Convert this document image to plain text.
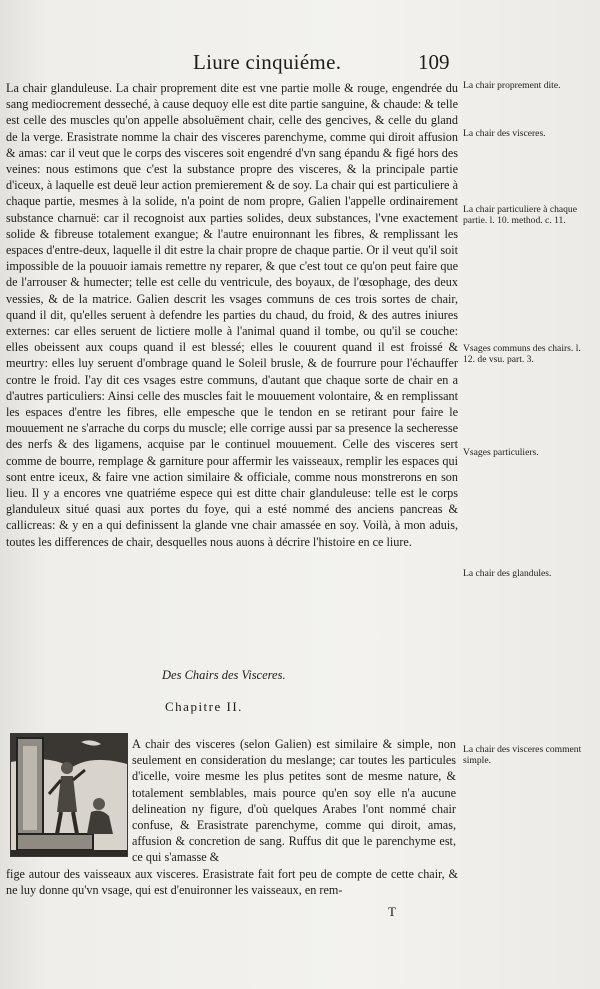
Liure cinquiéme.	109

La chair glanduleuse. La chair proprement dite est vne partie molle & rouge, engendrée du sang mediocrement desseché, à cause dequoy elle est dite partie sanguine, & chaude: & telle est celle des muscles qu'on appelle absoluëment chair, celle des gencives, & celle du gland de la verge. Erasistrate nomme la chair des visceres parenchyme, comme qui diroit affusion & amas: car il veut que le corps des visceres soit engendré d'vn sang épandu & figé hors des veines: nous estimons que c'est la substance propre des visceres, & la principale partie d'iceux, à laquelle est deuë leur action premierement & de soy. La chair qui est particuliere à chaque partie, mesmes à la solide, n'a point de nom propre, Galien l'appelle ordinairement substance charnuë: car il recognoist aux parties solides, deux substances, l'vne exactement solide & fibreuse totalement exangue; & l'autre enuironnant les fibres, & remplissant les espaces d'entre-deux, laquelle il dit estre la chair propre de chaque partie. Or il veut qu'il soit impossible de la pouuoir iamais remettre ny reparer, & que c'est tout ce qu'on peut faire que de l'arrouser & humecter; telle est celle du ventricule, des boyaux, de l'œsophage, des deux vessies, & de la matrice. Galien descrit les vsages communs de ces trois sortes de chair, quand il dit, qu'elles seruent à defendre les parties du chaud, du froid, & des autres iniures externes: car elles seruent de lictiere molle à l'animal quand il tombe, ou qu'il se couche: elles obeissent aux coups quand il est blessé; elles le couurent quand il est froissé & meurtry: elles luy seruent d'ombrage quand le Soleil brusle, & de fourrure pour l'échauffer contre le froid. I'ay dit ces vsages estre communs, d'autant que chaque sorte de chair en a d'autres particuliers: Ainsi celle des muscles fait le mouuement volontaire, & en remplissant les espaces d'entre les fibres, elle empesche que le tendon en se retirant pour faire le mouuement ne s'arrache du corps du muscle; elle corrige aussi par sa presence la secheresse des nerfs & des ligamens, acquise par le continuel mouuement. Celle des visceres sert comme de bourre, remplage & garniture pour affermir les vaisseaux, remplir les espaces qui sont entre iceux, & faire vne action similaire & officiale, comme nous monstrerons en son lieu. Il y a encores vne quatriéme espece qui est ditte chair glanduleuse: telle est le corps glanduleux situé quasi aux portes du foye, qui a esté nommé des anciens pancreas & callicreas: & y en a qui definissent la glande vne chair amassée en soy. Voilà, à mon aduis, toutes les differences de chair, desquelles nous auons à décrire l'histoire en ce liure.

La chair proprement dite.
La chair des visceres.
La chair particuliere à chaque partie. l. 10. method. c. 11.
Vsages communs des chairs. l. 12. de vsu. part. 3.
Vsages particuliers.
La chair des glandules.
La chair des visceres comment simple.
Des Chairs des Visceres.
Chapitre II.
A chair des visceres (selon Galien) est similaire & simple, non seulement en consideration du meslange; car toutes les particules d'icelle, voire mesme les plus petites sont de mesme nature, & totalement semblables, mais pource qu'en soy elle n'a aucune delineation ny figure, d'où quelques Arabes l'ont nommé chair confuse, & Erasistrate parenchyme, comme qui diroit, amas, affusion & concretion de sang. Ruffus dit que le parenchyme est, ce qui s'amasse &
fige autour des vaisseaux aux visceres. Erasistrate fait fort peu de compte de cette chair, & ne luy donne qu'vn vsage, qui est d'enuironner les vaisseaux, en rem-
T
